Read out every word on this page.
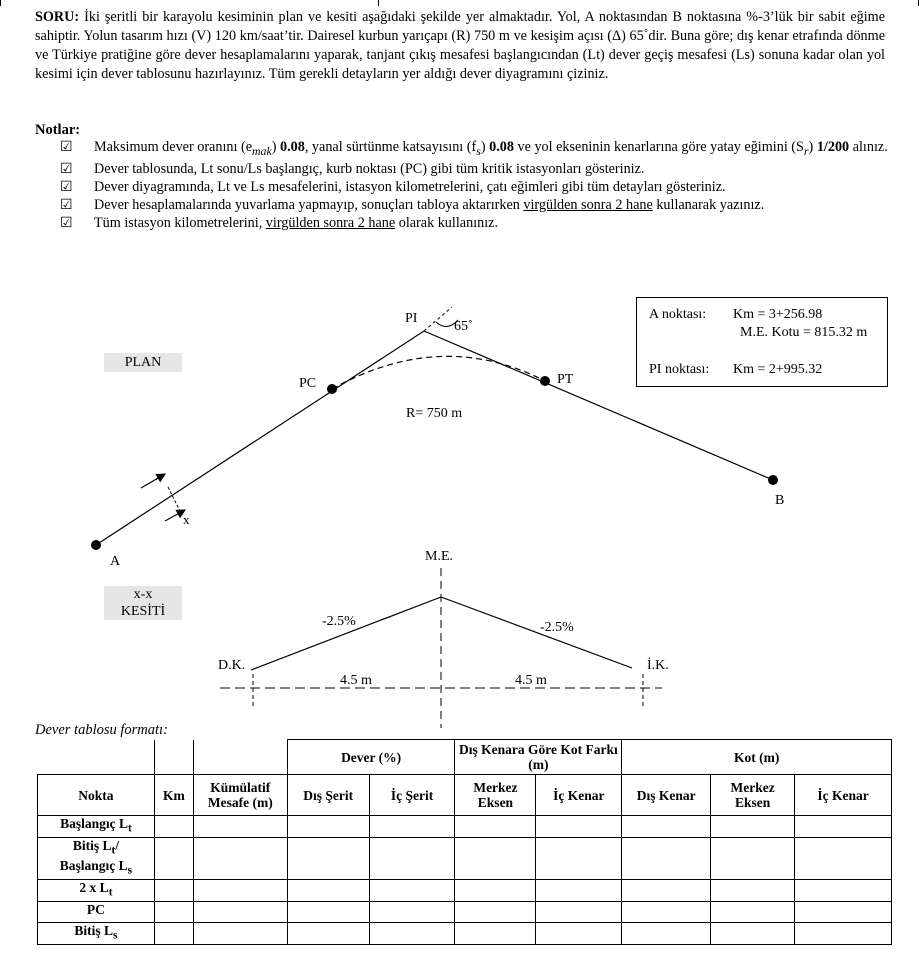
SORU: İki şeritli bir karayolu kesiminin plan ve kesiti aşağıdaki şekilde yer almaktadır. Yol, A noktasından B noktasına %-3’lük bir sabit eğime sahiptir. Yolun tasarım hızı (V) 120 km/saat’tir. Dairesel kurbun yarıçapı (R) 750 m ve kesişim açısı (Δ) 65˚dir. Buna göre; dış kenar etrafında dönme ve Türkiye pratiğine göre dever hesaplamalarını yaparak, tanjant çıkış mesafesi başlangıcından (Lt) dever geçiş mesafesi (Ls) sonuna kadar olan yol kesimi için dever tablosunu hazırlayınız. Tüm gerekli detayların yer aldığı dever diyagramını çiziniz.
Notlar:
☑	Maksimum dever oranını $(e_{mak})$ 0.08, yanal sürtünme katsayısını $(f_s)$ 0.08 ve yol ekseninin kenarlarına göre yatay eğimini $(S_r)$ 1/200 alınız.
☑	Dever tablosunda, Lt sonu/Ls başlangıç, kurb noktası (PC) gibi tüm kritik istasyonları gösteriniz.
☑	Dever diyagramında, Lt ve Ls mesafelerini, istasyon kilometrelerini, çatı eğimleri gibi tüm detayları gösteriniz.
☑	Dever hesaplamalarında yuvarlama yapmayıp, sonuçları tabloya aktarırken virgülden sonra 2 hane kullanarak yazınız.
☑	Tüm istasyon kilometrelerini, virgülden sonra 2 hane olarak kullanınız.
PLAN
x-x
KESİTİ
A noktası: Km = 3+256.98
M.E. Kotu = 815.32 m
PI noktası: Km = 2+995.32
A
B
PC
PI
PT
65˚
R= 750 m
x
x
M.E.
D.K.	İ.K.
-2.5%	-2.5%
4.5 m	4.5 m
Dever tablosu formatı:
			Dever (%)		Dış Kenara Göre Kot Farkı (m)		Kot (m)		
Nokta	Km	Kümülatif Mesafe (m)	Dış Şerit	İç Şerit	Merkez Eksen	İç Kenar	Dış Kenar	Merkez Eksen	İç Kenar
Başlangıç $L_t$									
Bitiş $L_t/$
Başlangıç $L_s$									
2 x $L_t$									
PC									
Bitiş $L_s$									
